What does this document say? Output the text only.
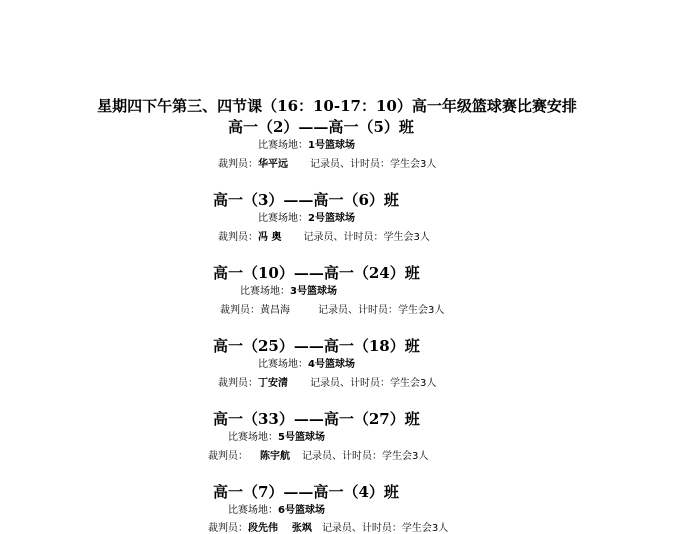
星期四下午第三、四节课（16：10-17：10）高一年级篮球赛比赛安排
高一（2）——高一（5）班
比赛场地：1号篮球场
裁判员：华平远 记录员、计时员：学生会3人
高一（3）——高一（6）班
比赛场地：2号篮球场
裁判员：冯 奥 记录员、计时员：学生会3人
高一（10）——高一（24）班
比赛场地：3号篮球场
裁判员：黄昌海	记录员、计时员：学生会3人
高一（25）——高一（18）班
比赛场地：4号篮球场
裁判员：丁安清 记录员、计时员：学生会3人
高一（33）——高一（27）班
比赛场地：5号篮球场
裁判员： 陈宇航 记录员、计时员：学生会3人
高一（7）——高一（4）班
比赛场地：6号篮球场
裁判员：段先伟    张飒 记录员、计时员：学生会3人
